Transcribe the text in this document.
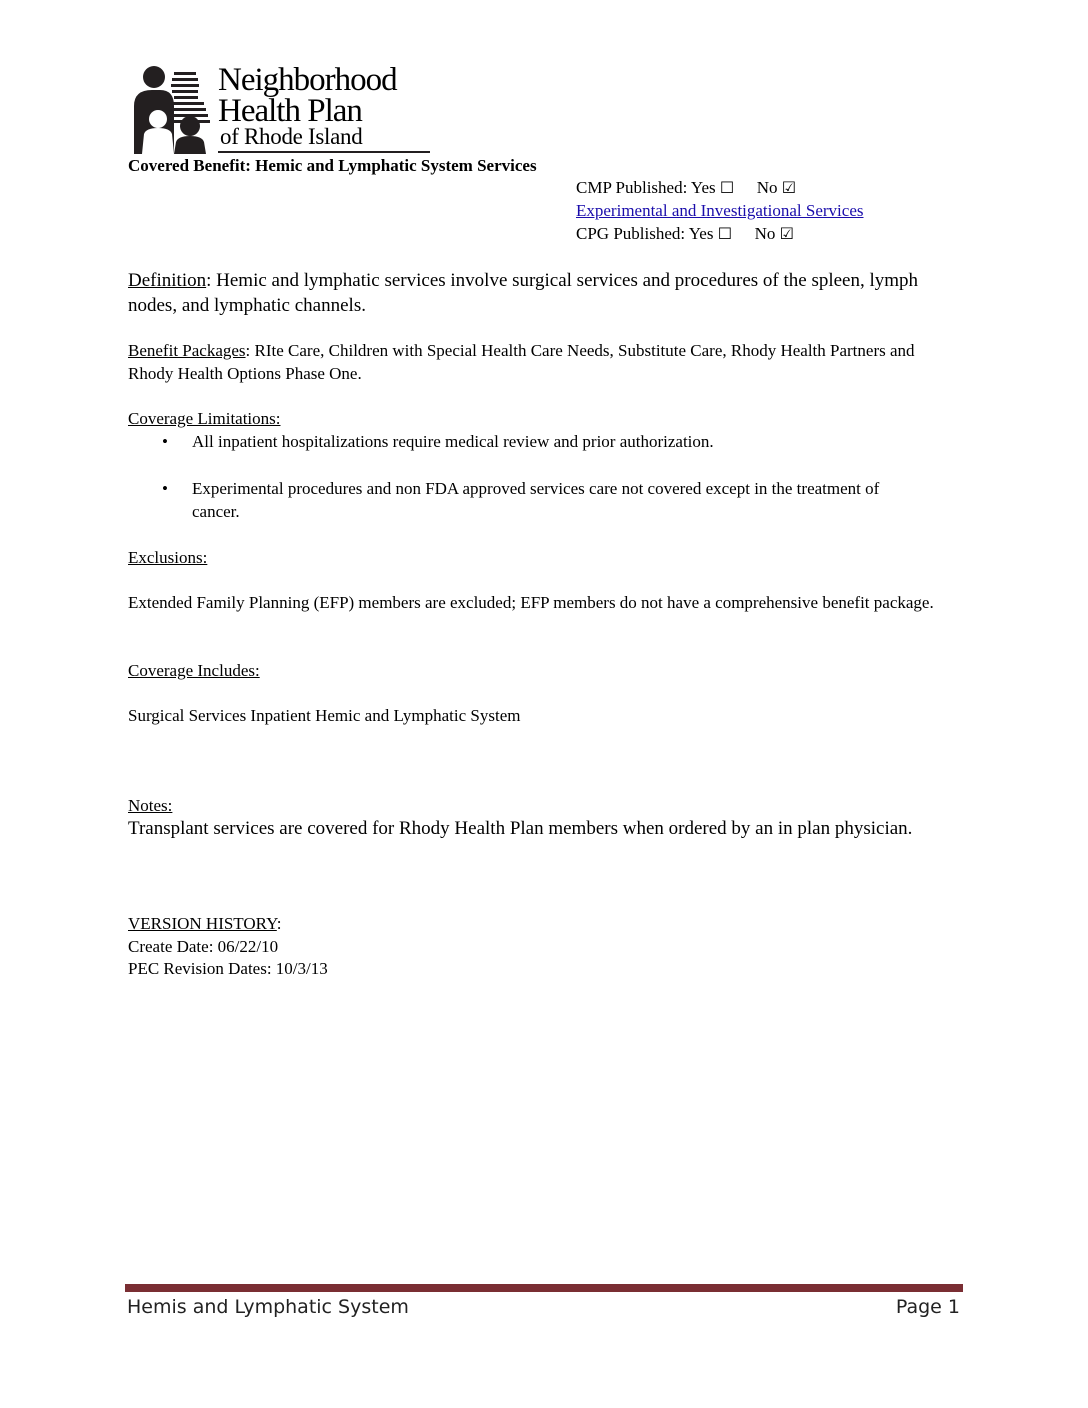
Neighborhood
Health Plan
of Rhode Island
Covered Benefit: Hemic and Lymphatic System Services
CMP Published: Yes ☐ No ☑
Experimental and Investigational Services
CPG Published: Yes ☐ No ☑
Definition: Hemic and lymphatic services involve surgical services and procedures of the spleen, lymph nodes, and lymphatic channels.
Benefit Packages: RIte Care, Children with Special Health Care Needs, Substitute Care, Rhody Health Partners and Rhody Health Options Phase One.
Coverage Limitations:
• All inpatient hospitalizations require medical review and prior authorization.
• Experimental procedures and non FDA approved services care not covered except in the treatment of cancer.
Exclusions:
Extended Family Planning (EFP) members are excluded; EFP members do not have a comprehensive benefit package.
Coverage Includes:
Surgical Services Inpatient Hemic and Lymphatic System
Notes:
Transplant services are covered for Rhody Health Plan members when ordered by an in plan physician.
VERSION HISTORY:
Create Date: 06/22/10
PEC Revision Dates: 10/3/13
Hemis and Lymphatic System	Page 1
